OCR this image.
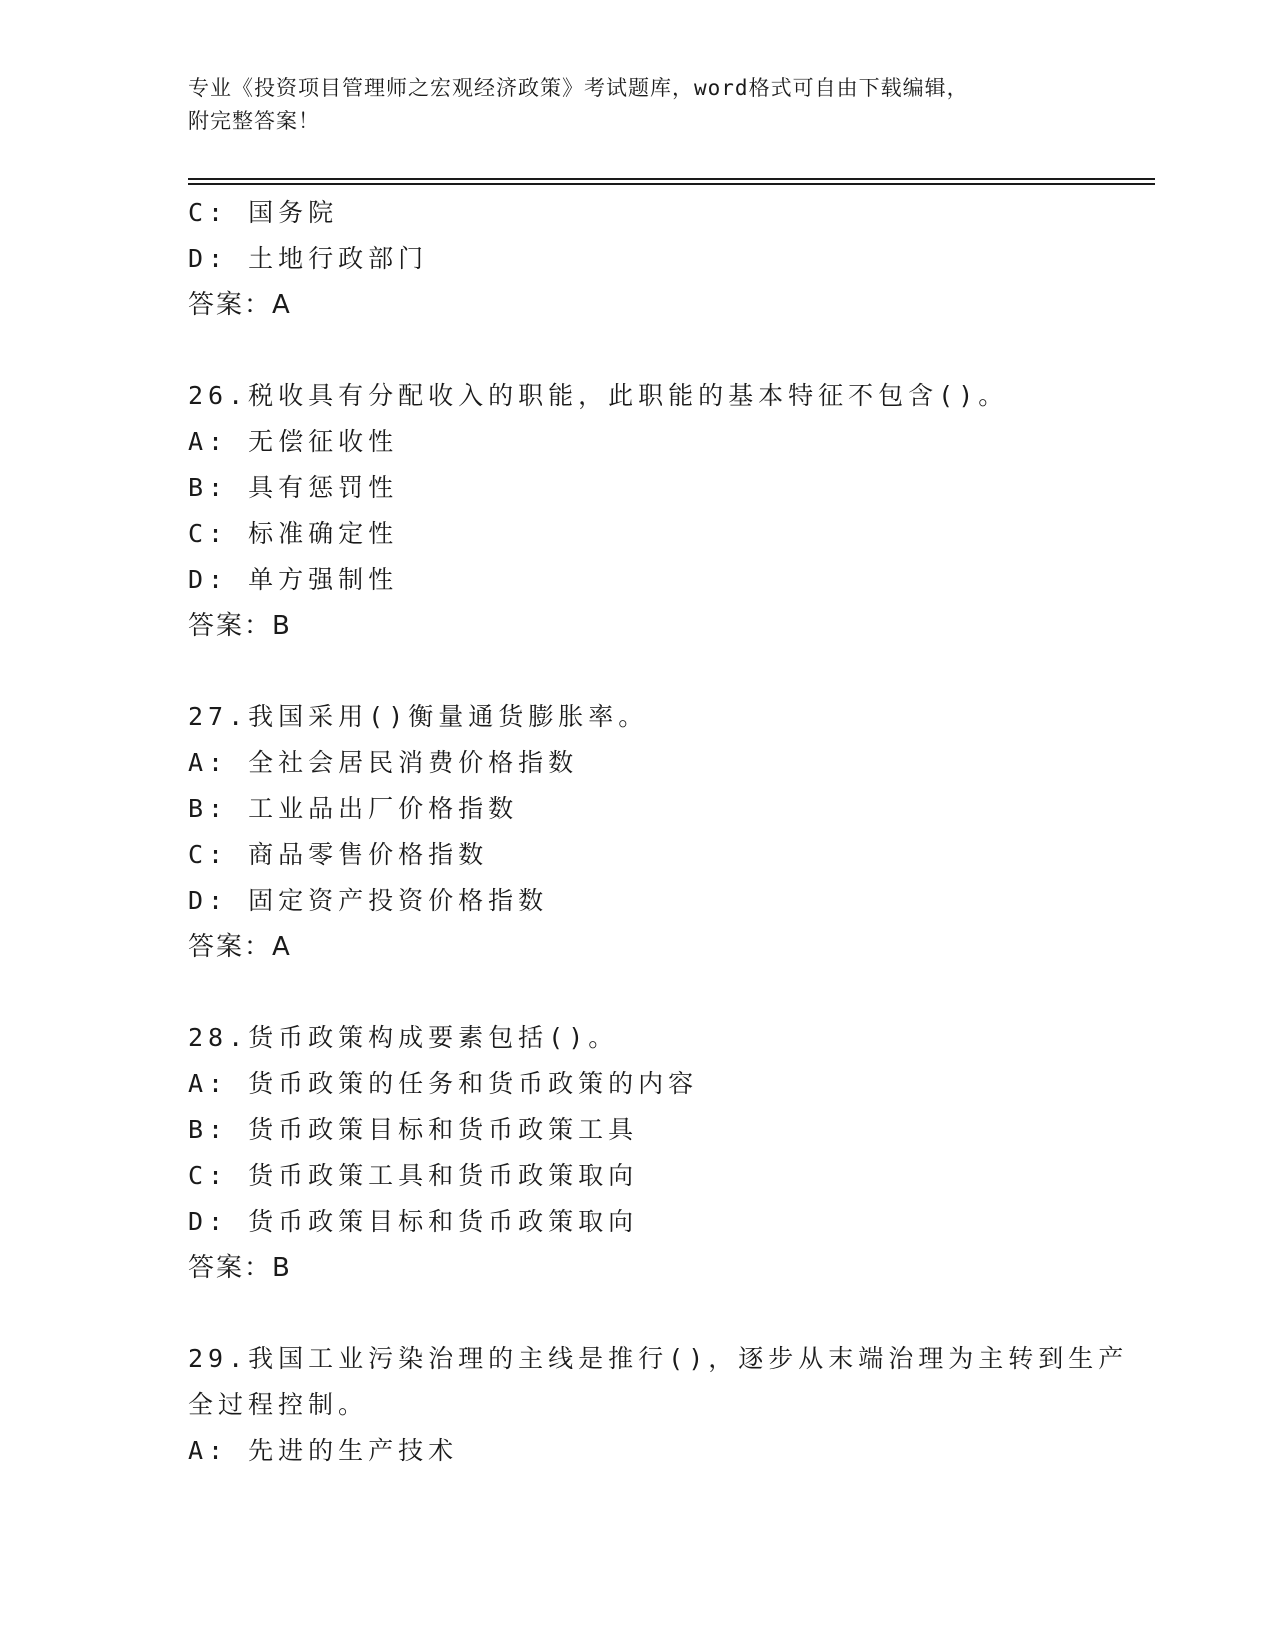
专业《投资项目管理师之宏观经济政策》考试题库，word格式可自由下载编辑，
附完整答案！
C: 国务院
D: 土地行政部门
答案：A
26.税收具有分配收入的职能，此职能的基本特征不包含()。
A: 无偿征收性
B: 具有惩罚性
C: 标准确定性
D: 单方强制性
答案：B
27.我国采用()衡量通货膨胀率。
A: 全社会居民消费价格指数
B: 工业品出厂价格指数
C: 商品零售价格指数
D: 固定资产投资价格指数
答案：A
28.货币政策构成要素包括()。
A: 货币政策的任务和货币政策的内容
B: 货币政策目标和货币政策工具
C: 货币政策工具和货币政策取向
D: 货币政策目标和货币政策取向
答案：B
29.我国工业污染治理的主线是推行()，逐步从末端治理为主转到生产
全过程控制。
A: 先进的生产技术
